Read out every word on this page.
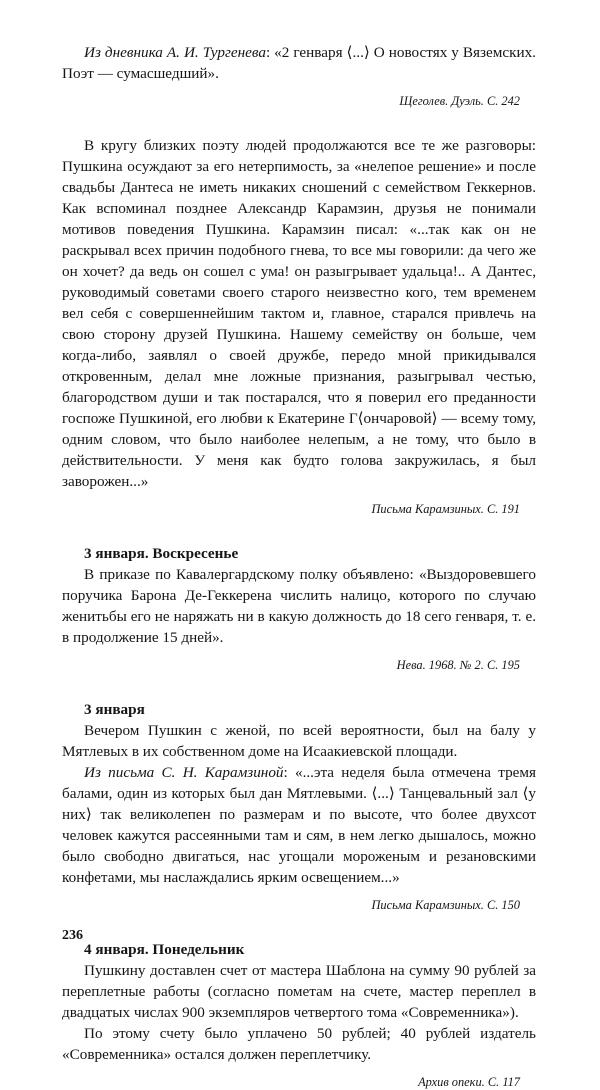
Из дневника А. И. Тургенева: «2 генваря ⟨...⟩ О новостях у Вяземских. Поэт — сумасшедший».

Щеголев. Дуэль. С. 242

В кругу близких поэту людей продолжаются все те же разговоры: Пушкина осуждают за его нетерпимость, за «нелепое решение» и после свадьбы Дантеса не иметь никаких сношений с семейством Геккернов. Как вспоминал позднее Александр Карамзин, друзья не понимали мотивов поведения Пушкина. Карамзин писал: «...так как он не раскрывал всех причин подобного гнева, то все мы говорили: да чего же он хочет? да ведь он сошел с ума! он разыгрывает удальца!.. А Дантес, руководимый советами своего старого неизвестно кого, тем временем вел себя с совершеннейшим тактом и, главное, старался привлечь на свою сторону друзей Пушкина. Нашему семейству он больше, чем когда-либо, заявлял о своей дружбе, передо мной прикидывался откровенным, делал мне ложные признания, разыгрывал честью, благородством души и так постарался, что я поверил его преданности госпоже Пушкиной, его любви к Екатерине Г⟨ончаровой⟩ — всему тому, одним словом, что было наиболее нелепым, а не тому, что было в действительности. У меня как будто голова закружилась, я был заворожен...»

Письма Карамзиных. С. 191

3 января. Воскресенье

В приказе по Кавалергардскому полку объявлено: «Выздоровевшего поручика Барона Де-Геккерена числить налицо, которого по случаю женитьбы его не наряжать ни в какую должность до 18 сего генваря, т. е. в продолжение 15 дней».

Нева. 1968. № 2. С. 195

3 января

Вечером Пушкин с женой, по всей вероятности, был на балу у Мятлевых в их собственном доме на Исаакиевской площади.

Из письма С. Н. Карамзиной: «...эта неделя была отмечена тремя балами, один из которых был дан Мятлевыми. ⟨...⟩ Танцевальный зал ⟨у них⟩ так великолепен по размерам и по высоте, что более двухсот человек кажутся рассеянными там и сям, в нем легко дышалось, можно было свободно двигаться, нас угощали мороженым и резановскими конфетами, мы наслаждались ярким освещением...»

Письма Карамзиных. С. 150

4 января. Понедельник

Пушкину доставлен счет от мастера Шаблона на сумму 90 рублей за переплетные работы (согласно пометам на счете, мастер переплел в двадцатых числах 900 экземпляров четвертого тома «Современника»).

По этому счету было уплачено 50 рублей; 40 рублей издатель «Современника» остался должен переплетчику.

Архив опеки. С. 117

236
